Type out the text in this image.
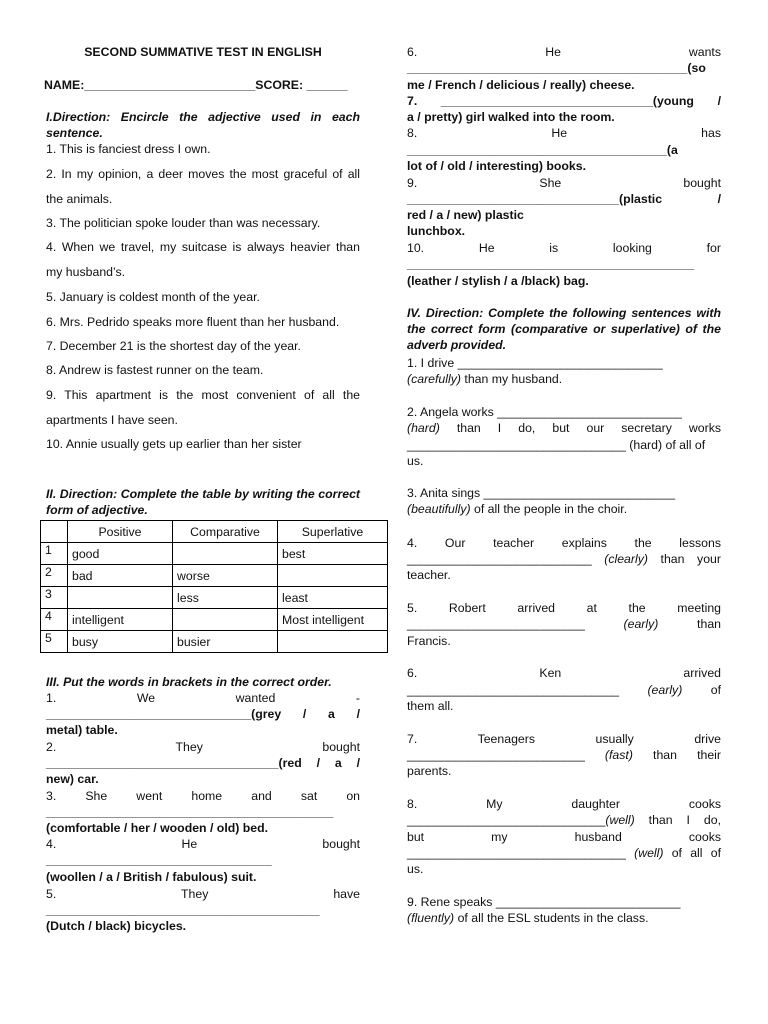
SECOND SUMMATIVE TEST IN ENGLISH
NAME:_________________________SCORE: ______
I.Direction: Encircle the adjective used in each sentence.
1. This is fanciest dress I own.
2. In my opinion, a deer moves the most graceful of all the animals.
3. The politician spoke louder than was necessary.
4. When we travel, my suitcase is always heavier than my husband’s.
5. January is coldest month of the year.
6. Mrs. Pedrido speaks more fluent than her husband.
7. December 21 is the shortest day of the year.
8. Andrew is fastest runner on the team.
9. This apartment is the most convenient of all the apartments I have seen.
10. Annie usually gets up earlier than her sister
II. Direction: Complete the table by writing the correct form of adjective.
	Positive	Comparative	Superlative
1	good		best
2	bad	worse	
3		less	least
4	intelligent		Most intelligent
5	busy	busier	
III. Put the words in brackets in the correct order.
1. We wanted -
______________________________(grey / a /
metal) table.
2. They bought
__________________________________(red / a /
new) car.
3. She went home and sat on
__________________________________________
(comfortable / her / wooden / old) bed.
4. He bought
_________________________________
(woollen / a / British / fabulous) suit.
5. They have
________________________________________
(Dutch / black) bicycles.
6. He wants
_________________________________________(so
me / French / delicious / really) cheese.
7. _______________________________(young /
a / pretty) girl walked into the room.
8. He has
______________________________________(a
lot of / old / interesting) books.
9. She bought
_______________________________(plastic /
red / a / new) plastic
lunchbox.
10. He is looking for
__________________________________________
(leather / stylish / a /black) bag.
IV. Direction: Complete the following sentences with the correct form (comparative or superlative) of the adverb provided.
1. I drive ______________________________
(carefully) than my husband.
2. Angela works ___________________________
(hard) than I do, but our secretary works
________________________________ (hard) of all of
us.
3. Anita sings ____________________________
(beautifully) of all the people in the choir.
4. Our teacher explains the lessons
___________________________ (clearly) than your
teacher.
5. Robert arrived at the meeting
__________________________ (early) than
Francis.
6. Ken arrived
_______________________________ (early) of
them all.
7. Teenagers usually drive
__________________________ (fast) than their
parents.
8. My daughter cooks
_____________________________(well) than I do,
but my husband cooks
________________________________ (well) of all of
us.
9. Rene speaks ___________________________
(fluently) of all the ESL students in the class.
